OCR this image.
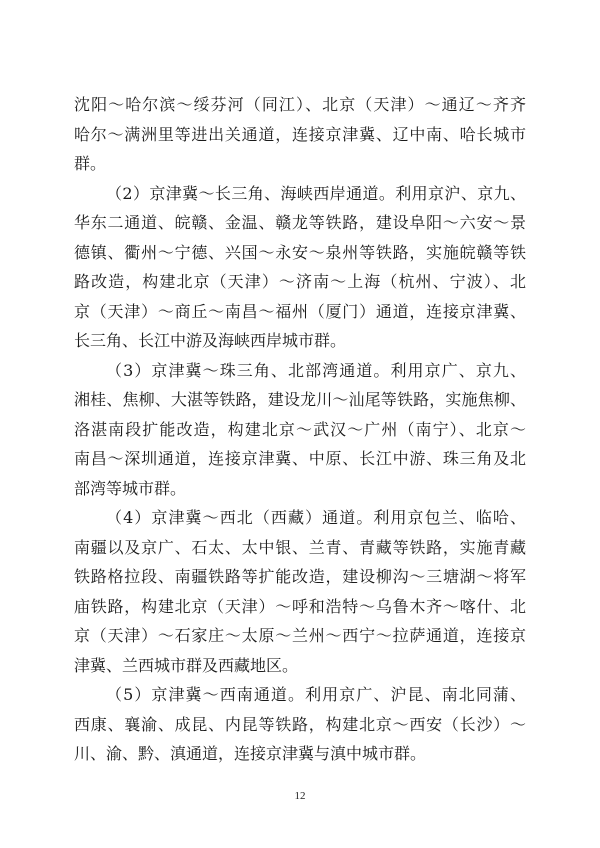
沈阳～哈尔滨～绥芬河（同江）、北京（天津）～通辽～齐齐
哈尔～满洲里等进出关通道，连接京津冀、辽中南、哈长城市
群。
（2）京津冀～长三角、海峡西岸通道。利用京沪、京九、
华东二通道、皖赣、金温、赣龙等铁路，建设阜阳～六安～景
德镇、衢州～宁德、兴国～永安～泉州等铁路，实施皖赣等铁
路改造，构建北京（天津）～济南～上海（杭州、宁波）、北
京（天津）～商丘～南昌～福州（厦门）通道，连接京津冀、
长三角、长江中游及海峡西岸城市群。
（3）京津冀～珠三角、北部湾通道。利用京广、京九、
湘桂、焦柳、大湛等铁路，建设龙川～汕尾等铁路，实施焦柳、
洛湛南段扩能改造，构建北京～武汉～广州（南宁）、北京～
南昌～深圳通道，连接京津冀、中原、长江中游、珠三角及北
部湾等城市群。
（4）京津冀～西北（西藏）通道。利用京包兰、临哈、
南疆以及京广、石太、太中银、兰青、青藏等铁路，实施青藏
铁路格拉段、南疆铁路等扩能改造，建设柳沟～三塘湖～将军
庙铁路，构建北京（天津）～呼和浩特～乌鲁木齐～喀什、北
京（天津）～石家庄～太原～兰州～西宁～拉萨通道，连接京
津冀、兰西城市群及西藏地区。
（5）京津冀～西南通道。利用京广、沪昆、南北同蒲、
西康、襄渝、成昆、内昆等铁路，构建北京～西安（长沙）～
川、渝、黔、滇通道，连接京津冀与滇中城市群。
12
